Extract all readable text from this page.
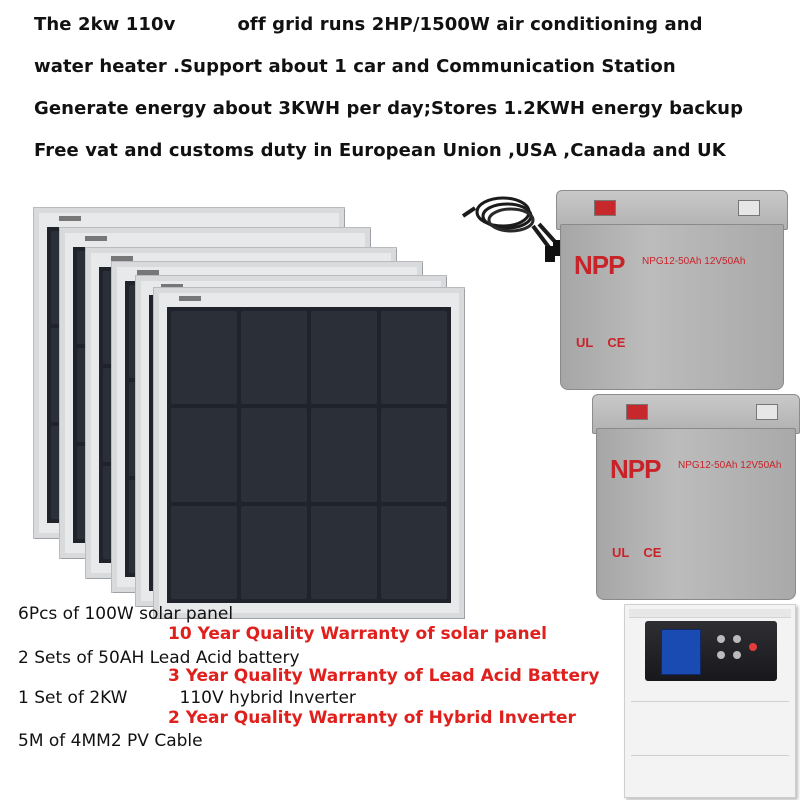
The 2kw 110v	off grid runs 2HP/1500W air conditioning and
water heater .Support about 1 car and Communication Station
Generate energy about 3KWH per day;Stores 1.2KWH energy backup
Free vat and customs duty in European Union ,USA ,Canada and UK
NPP NPG12-50Ah 12V50Ah
UL CE
NPP NPG12-50Ah 12V50Ah
UL CE
6Pcs of 100W solar panel
10 Year Quality Warranty of solar panel
2 Sets of 50AH Lead Acid battery
3 Year Quality Warranty of Lead Acid Battery
1 Set of 2KW	110V hybrid Inverter
2 Year Quality Warranty of Hybrid Inverter
5M of 4MM2 PV Cable
